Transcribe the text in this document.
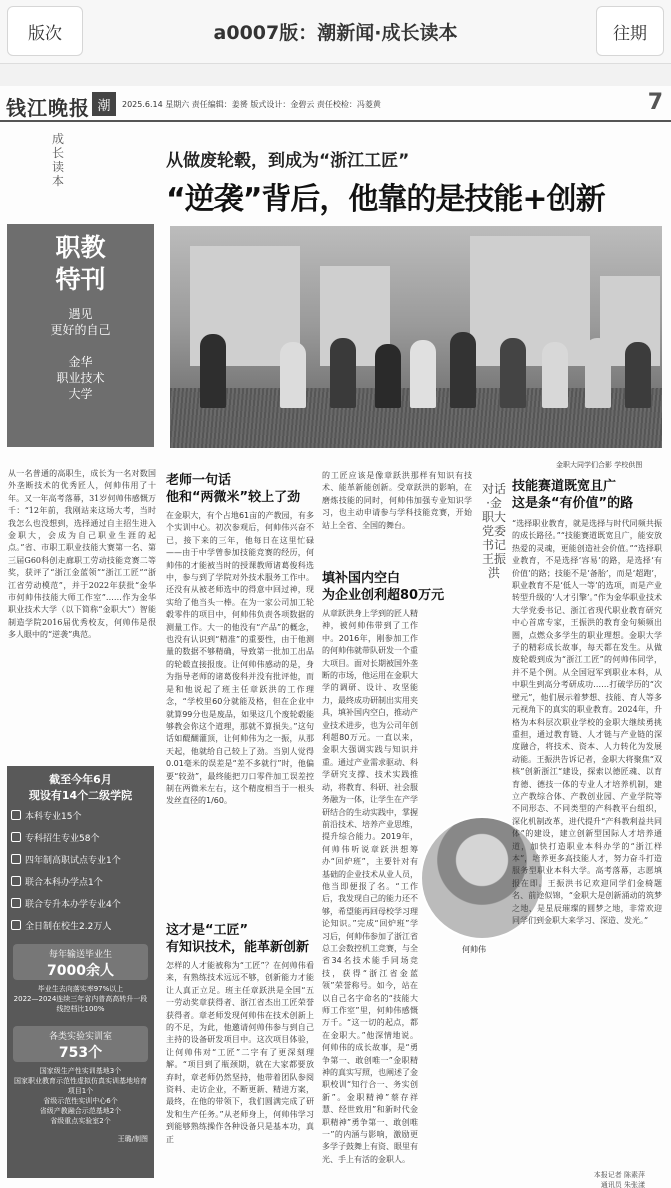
版次	a0007版：潮新闻·成长读本	往期
钱江晚报 潮	2025.6.14 星期六 责任编辑：姜赟 版式设计：金碧云 责任校检：冯菱黄	7
成长读本
从做废轮毂，到成为“浙江工匠”
“逆袭”背后，他靠的是技能+创新
职教
特刊
遇见
更好的自己
金华
职业技术
大学
金职大同学们合影 学校供图
从一名普通的高职生，成长为一名对数国外垄断技术的优秀匠人，何帅伟用了十年。又一年高考落幕，31岁何帅伟感慨万千：“12年前，我刚站来这场大考，当时我怎么也没想到，选择通过自主招生进入金职大，会成为自己职业生涯的起点。”省、市职工职业技能大赛第一名、第三届G60科创走廊职工劳动技能竞赛二等奖，获评了“浙江金蓝领”“浙江工匠”“浙江省劳动模范”，并于2022年获批“金华市何帅伟技能大师工作室”……作为金华职业技术大学（以下简称“金职大”）智能制造学院2016届优秀校友，何帅伟是很多人眼中的“逆袭”典范。
老师一句话
他和“两微米”较上了劲
在金职大，有个占地61亩的产教园，有多个实训中心。初次参观后，何帅伟兴奋不已，接下来的三年，他每日在这里忙碌——由于中学曾参加技能竞赛的经历，何帅伟的才能被当时的授课教师诸葛俊科选中，参与到了学院对外技术服务工作中。还没有从被老师选中的得意中回过神，现实给了他当头一棒。在为一家公司加工轮毂零件的项目中，何帅伟负责各项数据的测量工作。大一的他没有“产品”的概念，也没有认识到“精准”的重要性，由于他测量的数据不够精确，导致第一批加工出品的轮毂直接报废。让何帅伟感动的是，身为指导老师的诸葛俊科并没有批评他，而是和他说起了班主任章跃洪的工作理念，“学校里60分就能及格，但在企业中就算99分也是废品，如果这几个废轮毂能够教会你这个道理，那就不算损失。”这句话如醍醐灌顶，让何帅伟为之一振，从那天起，他就给自己较上了劲。当别人觉得0.01毫米的误差是“差不多就行”时，他偏要“较劲”，最终能把刀口零件加工误差控制在两微米左右，这个精度相当于一根头发丝直径的1/60。
这才是“工匠”
有知识技术，能革新创新
怎样的人才能被称为“工匠”？在何帅伟看来，有熟练技术远远不够，创新能力才能让人真正立足。班主任章跃洪是全国“五一劳动奖章获得者、浙江省杰出工匠荣誉获得者。章老师发现何帅伟在技术创新上的不足，为此，他邀请何帅伟参与到自己主持的设备研发项目中。这次项目体验，让何帅伟对“工匠”二字有了更深刻理解。“项目到了瓶颈期，就在大家都要放弃时，章老师仍然坚持，他带着团队参阅资料、走访企业，不断更新、精进方案，最终，在他的带领下，我们圆满完成了研发和生产任务。”从老师身上，何帅伟学习到能够熟练操作各种设备只是基本功，真正
的工匠应该是像章跃洪那样有知识有技术、能革新能创新。受章跃洪的影响，在磨炼技能的同时，何帅伟加强专业知识学习，也主动申请参与学科技能竞赛，开始站上全省、全国的舞台。
填补国内空白
为企业创利超80万元
从章跃洪身上学到的匠人精神，被何帅伟带到了工作中。2016年，刚参加工作的何帅伟就带队研发一个重大项目。面对长期被国外垄断的市场，他运用在金职大学的调研、设计、攻坚能力，最终成功研制出实用夹具，填补国内空白，推动产业技术进步，也为公司年创利超80万元。一直以来，金职大强调实践与知识并重。通过产业需求驱动、科学研究支撑、技术实践推动，将教育、科研、社会服务融为一体，让学生在产学研结合的生动实践中，掌握前沿技术、培养产业思维，提升综合能力。2019年，何帅伟听说章跃洪想筹办“回炉班”，主要针对有基础的企业技术从业人员，他当即便报了名。“工作后，我发现自己的能力还不够，希望能再回母校学习理论知识。”完成“回炉班”学习后，何帅伟参加了浙江省总工会数控机工竞赛，与全省34名技术能手同场竞技，获得“浙江省金蓝领”荣誉称号。如今，站在以自己名字命名的“技能大师工作室”里，何帅伟感慨万千。“这一切的起点，都在金职大。”他深情地说。何帅伟的成长故事，是“勇争第一、敢创唯一”金职精神的真实写照，也阐述了金职校训“知行合一、务实创新”。金职精神”蔡存祥慧、经世致用”和新时代金职精神”勇争第一、敢创唯一”的内涵与影响，激励更多学子鼓舞上有资、眼里有光、手上有活的金职人。
何帅伟
对话·金职大党委书记王振洪
技能赛道既宽且广
这是条“有价值”的路
“选择职业教育，就是选择与时代同频共振的成长路径。”“技能赛道既宽且广，能安放热爱的灵魂，更能创造社会价值。”“选择职业教育，不是选择‘容易’的路，是选择‘有价值’的路；技能不是‘备胎’，而是‘超跑’，职业教育不是‘低人一等’的选项，而是产业转型升级的‘人才引擎’。”作为金华职业技术大学党委书记、浙江省现代职业教育研究中心首席专家，王振洪的教育金句频频出圈，点燃众多学生的职业理想。金职大学子的精彩成长故事，每天都在发生。从做废轮毂到成为“浙江工匠”的何帅伟同学，并不是个例。从全国冠军到职业本科，从中职生到高分考研成功……打破学历的“次壁元”，他们展示着梦想、技能、育人等多元视角下的真实的职业教育。2024年，升格为本科层次职业学校的金职大继续勇挑重担，通过教育链、人才链与产业链的深度融合，将技术、资本、人力转化为发展动能。王振洪告诉记者，金职大将聚焦“双核”创新浙江“建设，探索以德匠魂、以育育德、德技一体的专业人才培养机制，建立产教综合体、产教创业园、产业学院等不同形态、不同类型的产科教平台组织，深化机制改革，进代提升“产科教利益共同体”的建设，建立创新型国际人才培养通道，加快打造职业本科办学的“浙江样本”，培养更多高技能人才，努力奋斗打造服务型职业本科大学。高考落幕，志愿填报在即。王振洪书记欢迎同学们金椅题名、前途似锦，“金职大是创新涌动的筑梦之地、是星辰璀璨的圆梦之地，非常欢迎同学们到金职大来学习、深造、发光。”
本报记者 陈素萍
通讯员 朱张漾
截至今年6月
现设有14个二级学院
本科专业15个
专科招生专业58个
四年制高职试点专业1个
联合本科办学点1个
联合专升本办学专业4个
全日制在校生2.2万人
每年输送毕业生
7000余人
毕业生去向落实率97%以上
2022—2024连续三年省内普高高转升一段线控档比100%
各类实验实训室
753个
国家级生产性实训基地3个
国家职业教育示范性虚拟仿真实训基地培育项目1个
省级示范性实训中心6个
省级产教融合示范基地2个
省级重点实验室2个
王璐/制图
